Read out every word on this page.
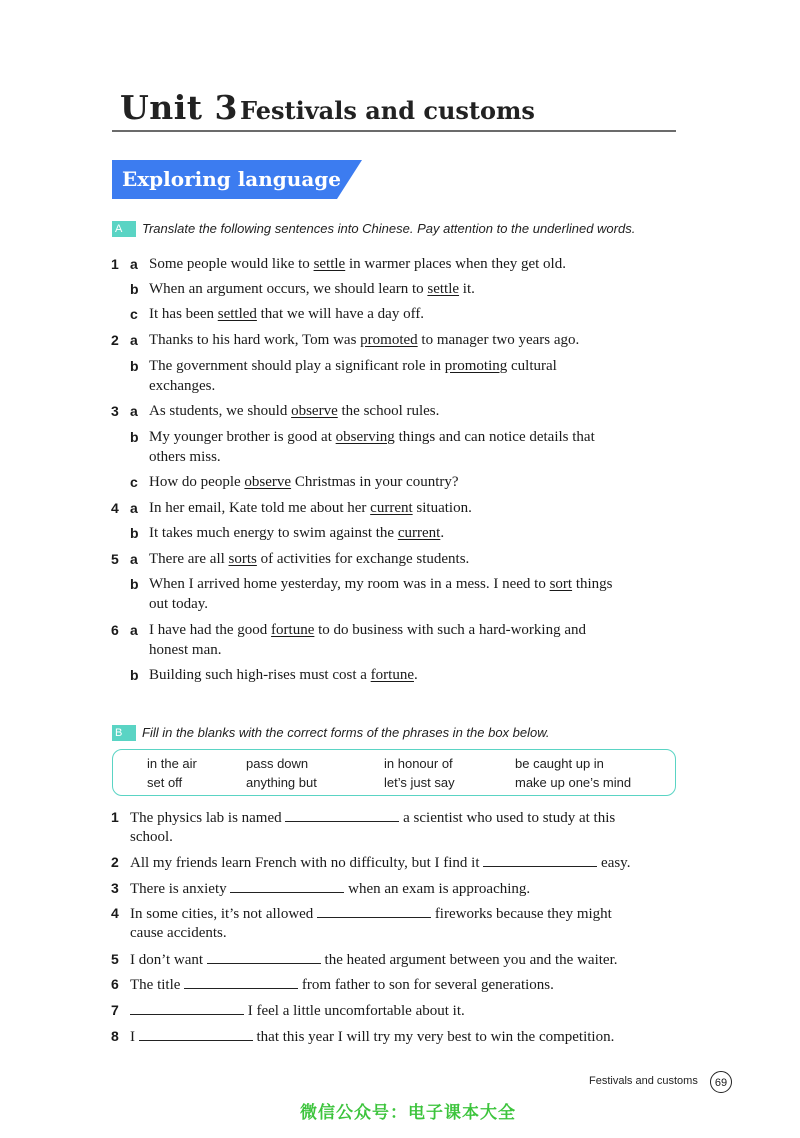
Unit 3 Festivals and customs
Exploring language
A	Translate the following sentences into Chinese. Pay attention to the underlined words.
1 a Some people would like to settle in warmer places when they get old.
b When an argument occurs, we should learn to settle it.
c It has been settled that we will have a day off.
2 a Thanks to his hard work, Tom was promoted to manager two years ago.
b The government should play a significant role in promoting cultural
exchanges.
3 a As students, we should observe the school rules.
b My younger brother is good at observing things and can notice details that
others miss.
c How do people observe Christmas in your country?
4 a In her email, Kate told me about her current situation.
b It takes much energy to swim against the current.
5 a There are all sorts of activities for exchange students.
b When I arrived home yesterday, my room was in a mess. I need to sort things
out today.
6 a I have had the good fortune to do business with such a hard-working and
honest man.
b Building such high-rises must cost a fortune.
B	Fill in the blanks with the correct forms of the phrases in the box below.
in the air	pass down	in honour of	be caught up in
set off	anything but	let’s just say	make up one’s mind
1 The physics lab is named	a scientist who used to study at this
school.
2 All my friends learn French with no difficulty, but I find it	easy.
3 There is anxiety	when an exam is approaching.
4 In some cities, it’s not allowed	fireworks because they might
cause accidents.
5 I don’t want	the heated argument between you and the waiter.
6 The title	from father to son for several generations.
7	I feel a little uncomfortable about it.
8 I	that this year I will try my very best to win the competition.
Festivals and customs	69
微信公众号：电子课本大全
